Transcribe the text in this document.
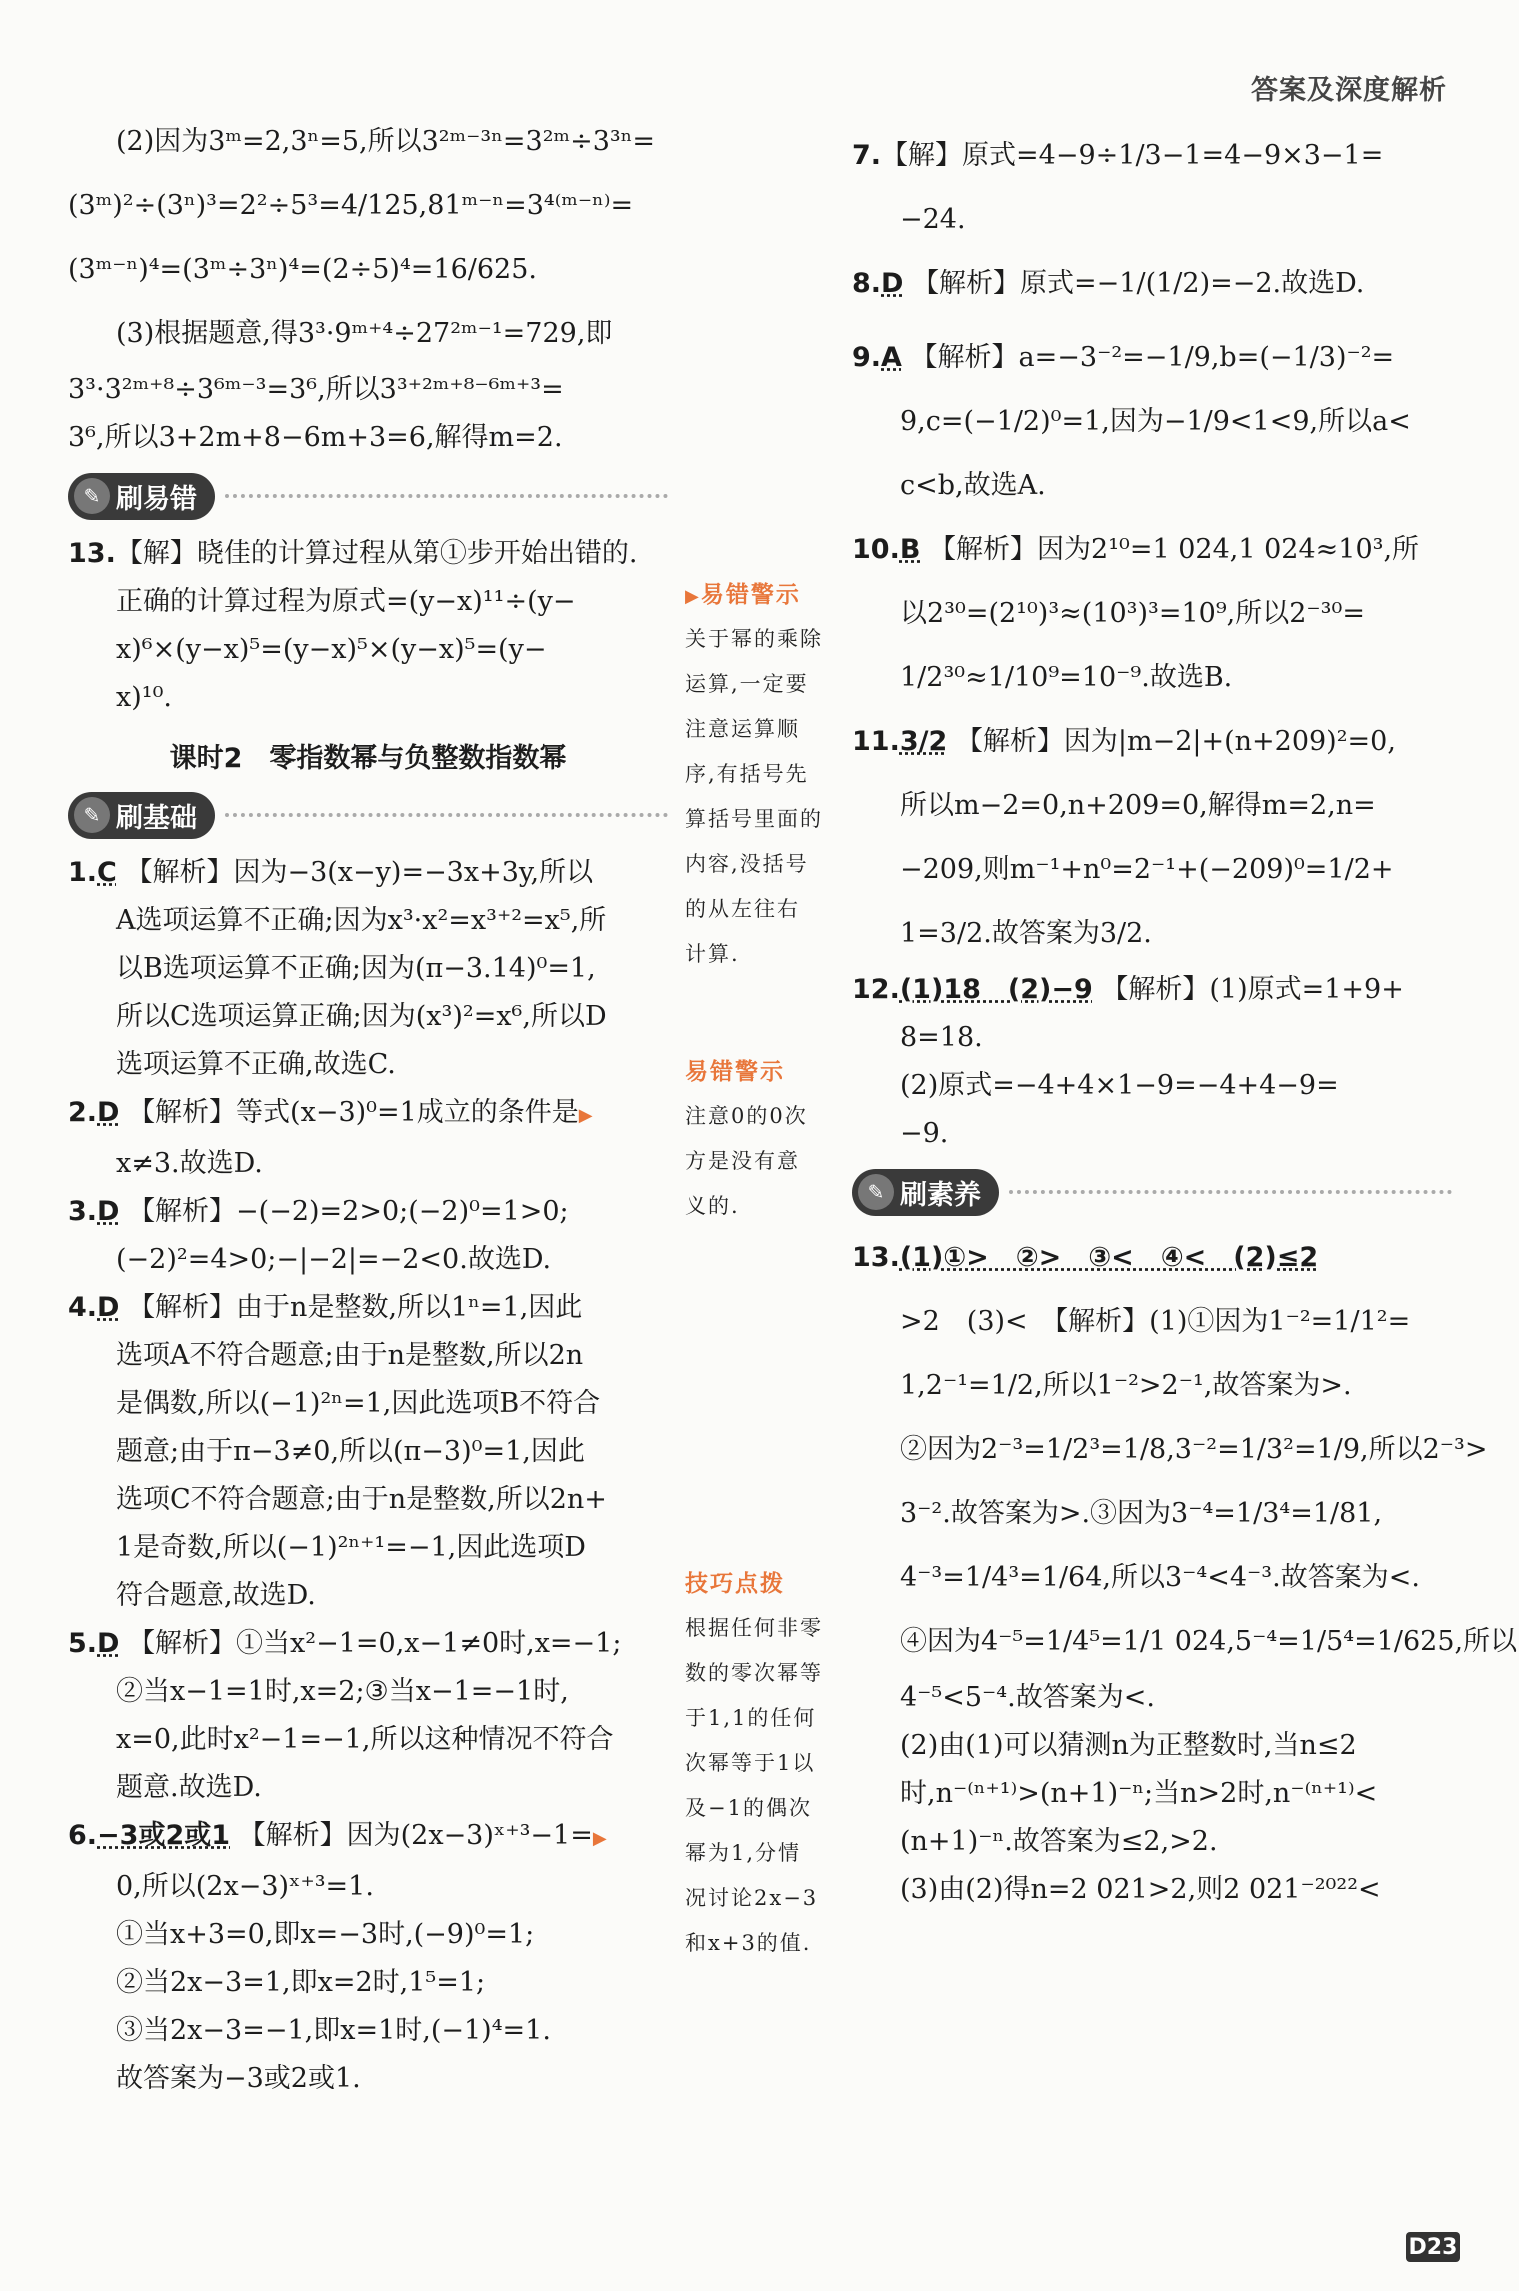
答案及深度解析
(2)因为3ᵐ=2,3ⁿ=5,所以3²ᵐ⁻³ⁿ=3²ᵐ÷3³ⁿ=
(3ᵐ)²÷(3ⁿ)³=2²÷5³=4/125,81ᵐ⁻ⁿ=3⁴⁽ᵐ⁻ⁿ⁾=
(3ᵐ⁻ⁿ)⁴=(3ᵐ÷3ⁿ)⁴=(2÷5)⁴=16/625.
(3)根据题意,得3³·9ᵐ⁺⁴÷27²ᵐ⁻¹=729,即
3³·3²ᵐ⁺⁸÷3⁶ᵐ⁻³=3⁶,所以3³⁺²ᵐ⁺⁸⁻⁶ᵐ⁺³=
3⁶,所以3+2m+8−6m+3=6,解得m=2.
✎ 刷易错
13.【解】晓佳的计算过程从第①步开始出错的.
正确的计算过程为原式=(y−x)¹¹÷(y−
x)⁶×(y−x)⁵=(y−x)⁵×(y−x)⁵=(y−
x)¹⁰.
课时2　零指数幂与负整数指数幂
✎ 刷基础
1.C 【解析】因为−3(x−y)=−3x+3y,所以
A选项运算不正确;因为x³·x²=x³⁺²=x⁵,所
以B选项运算不正确;因为(π−3.14)⁰=1,
所以C选项运算正确;因为(x³)²=x⁶,所以D
选项运算不正确,故选C.
2.D 【解析】等式(x−3)⁰=1成立的条件是▶
x≠3.故选D.
3.D 【解析】−(−2)=2>0;(−2)⁰=1>0;
(−2)²=4>0;−|−2|=−2<0.故选D.
4.D 【解析】由于n是整数,所以1ⁿ=1,因此
选项A不符合题意;由于n是整数,所以2n
是偶数,所以(−1)²ⁿ=1,因此选项B不符合
题意;由于π−3≠0,所以(π−3)⁰=1,因此
选项C不符合题意;由于n是整数,所以2n+
1是奇数,所以(−1)²ⁿ⁺¹=−1,因此选项D
符合题意,故选D.
5.D 【解析】①当x²−1=0,x−1≠0时,x=−1;
②当x−1=1时,x=2;③当x−1=−1时,
x=0,此时x²−1=−1,所以这种情况不符合
题意.故选D.
6.−3或2或1 【解析】因为(2x−3)ˣ⁺³−1=▶
0,所以(2x−3)ˣ⁺³=1.
①当x+3=0,即x=−3时,(−9)⁰=1;
②当2x−3=1,即x=2时,1⁵=1;
③当2x−3=−1,即x=1时,(−1)⁴=1.
故答案为−3或2或1.
▶易错警示
关于幂的乘除
运算,一定要
注意运算顺
序,有括号先
算括号里面的
内容,没括号
的从左往右
计算.
易错警示
注意0的0次
方是没有意
义的.
技巧点拨
根据任何非零
数的零次幂等
于1,1的任何
次幂等于1以
及−1的偶次
幂为1,分情
况讨论2x−3
和x+3的值.
7.【解】原式=4−9÷1/3−1=4−9×3−1=
−24.
8.D 【解析】原式=−1/(1/2)=−2.故选D.
9.A 【解析】a=−3⁻²=−1/9,b=(−1/3)⁻²=
9,c=(−1/2)⁰=1,因为−1/9<1<9,所以a<
c<b,故选A.
10.B 【解析】因为2¹⁰=1 024,1 024≈10³,所
以2³⁰=(2¹⁰)³≈(10³)³=10⁹,所以2⁻³⁰=
1/2³⁰≈1/10⁹=10⁻⁹.故选B.
11.3/2 【解析】因为|m−2|+(n+209)²=0,
所以m−2=0,n+209=0,解得m=2,n=
−209,则m⁻¹+n⁰=2⁻¹+(−209)⁰=1/2+
1=3/2.故答案为3/2.
12.(1)18　(2)−9 【解析】(1)原式=1+9+
8=18.
(2)原式=−4+4×1−9=−4+4−9=
−9.
✎ 刷素养
13.(1)①>　②>　③<　④<　(2)≤2
>2　(3)<　【解析】(1)①因为1⁻²=1/1²=
1,2⁻¹=1/2,所以1⁻²>2⁻¹,故答案为>.
②因为2⁻³=1/2³=1/8,3⁻²=1/3²=1/9,所以2⁻³>
3⁻².故答案为>.③因为3⁻⁴=1/3⁴=1/81,
4⁻³=1/4³=1/64,所以3⁻⁴<4⁻³.故答案为<.
④因为4⁻⁵=1/4⁵=1/1 024,5⁻⁴=1/5⁴=1/625,所以
4⁻⁵<5⁻⁴.故答案为<.
(2)由(1)可以猜测n为正整数时,当n≤2
时,n⁻⁽ⁿ⁺¹⁾>(n+1)⁻ⁿ;当n>2时,n⁻⁽ⁿ⁺¹⁾<
(n+1)⁻ⁿ.故答案为≤2,>2.
(3)由(2)得n=2 021>2,则2 021⁻²⁰²²<
D23
